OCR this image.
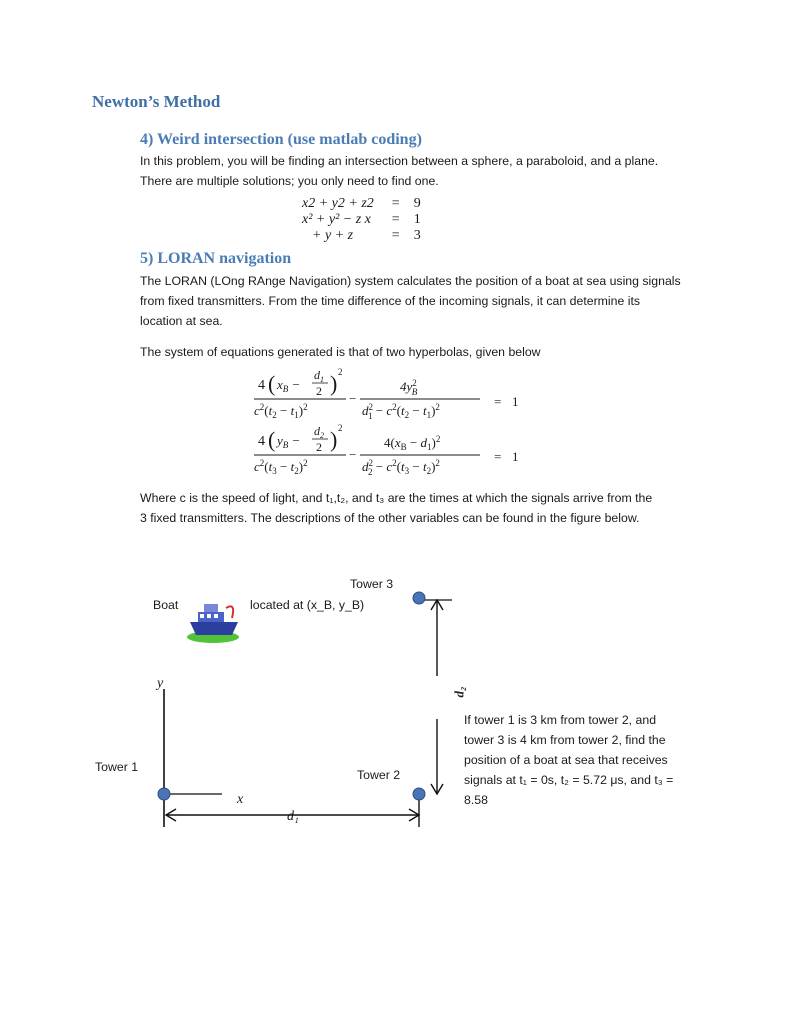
Newton’s Method
4) Weird intersection (use matlab coding)
In this problem, you will be finding an intersection between a sphere, a paraboloid, and a plane.
There are multiple solutions; you only need to find one.
x2 + y2 + z2	=	9
x² + y² − z x	=	1
+ y + z	=	3
5) LORAN navigation
The LORAN (LOng RAnge Navigation) system calculates the position of a boat at sea using signals
from fixed transmitters. From the time difference of the incoming signals, it can determine its
location at sea.
The system of equations generated is that of two hyperbolas, given below
4 ( $x_B$ −
$d_1$
2 ) 2
$c^2(t_2 - t_1)^2$
−
$4y^2$ B
$d^2$ $1 - c^2(t_2 - t_1)^2$	= 1
4 ( $y_B$ −
$d_2$
2 ) 2
$c^2(t_3 - t_2)^2$
−
$4(x_B - d_1)^2$
$d^2$ $2 - c^2(t_3 - t_2)^2$	= 1
Where c is the speed of light, and t₁,t₂, and t₃ are the times at which the signals arrive from the
3 fixed transmitters. The descriptions of the other variables can be found in the figure below.
Boat	located at (x_B, y_B)
Tower 3
Tower 1
Tower 2
y
x
d₁
d₂
If tower 1 is 3 km from tower 2, and
tower 3 is 4 km from tower 2, find the
position of a boat at sea that receives
signals at t₁ = 0s, t₂ = 5.72 μs, and t₃ =
8.58
